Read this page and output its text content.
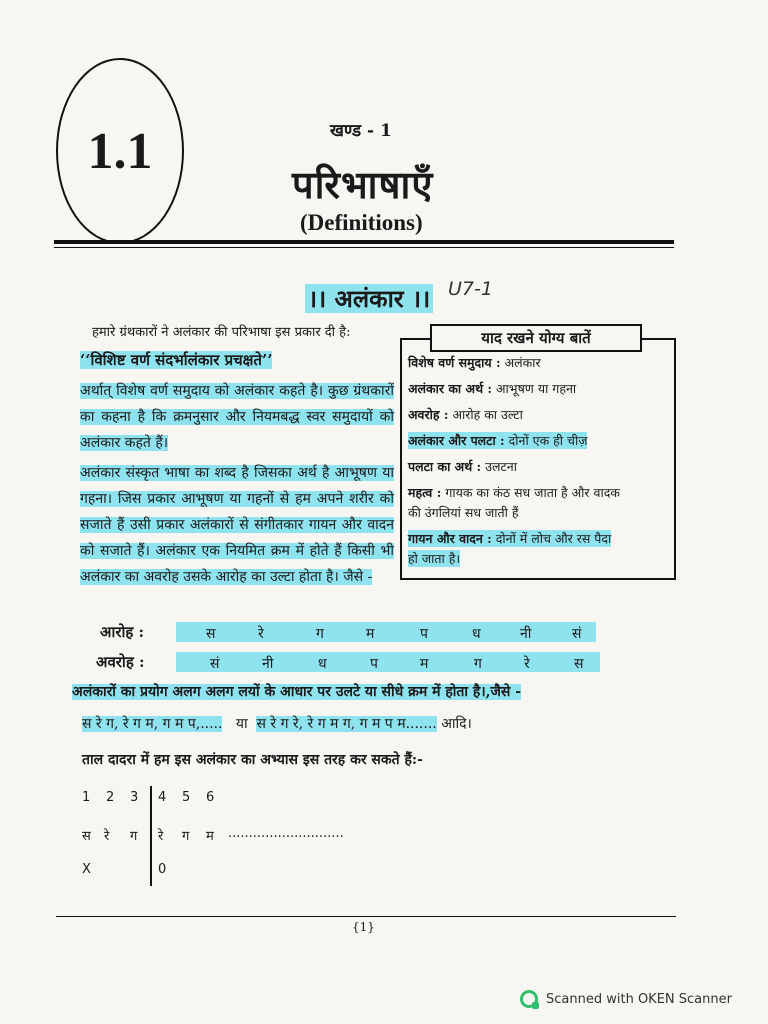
1.1	खण्ड - 1
परिभाषाएँ
(Definitions)
।। अलंकार ।। U7-1
हमारे ग्रंथकारों ने अलंकार की परिभाषा इस प्रकार दी है:
‘‘विशिष्ट वर्ण संदर्भालंकार प्रचक्षते’’
अर्थात् विशेष वर्ण समुदाय को अलंकार कहते है। कुछ ग्रंथकारों का कहना है कि क्रमनुसार और नियमबद्ध स्वर समुदायों को अलंकार कहते हैं।
अलंकार संस्कृत भाषा का शब्द है जिसका अर्थ है आभूषण या गहना। जिस प्रकार आभूषण या गहनों से हम अपने शरीर को सजाते हैं उसी प्रकार अलंकारों से संगीतकार गायन और वादन को सजाते हैं। अलंकार एक नियमित क्रम में होते हैं किसी भी अलंकार का अवरोह उसके आरोह का उल्टा होता है। जैसे -
विशेष वर्ण समुदाय : अलंकार
अलंकार का अर्थ : आभूषण या गहना
अवरोह : आरोह का उल्टा
अलंकार और पलटा : दोनों एक ही चीज़
पलटा का अर्थ : उलटना
महत्व : गायक का कंठ सध जाता है और वादक
की उंगलियां सध जाती हैं
गायन और वादन : दोनों में लोच और रस पैदा
हो जाता है।
याद रखने योग्य बातें
आरोह :	स	रे	ग	म	प	ध	नी	सं
अवरोह :	सं	नी	ध	प	म	ग	रे	स
अलंकारों का प्रयोग अलग अलग लयों के आधार पर उलटे या सीधे क्रम में होता है।,जैसे -
स रे ग, रे ग म, ग म प,..... या स रे ग रे, रे ग म ग, ग म प म....... आदि।
ताल दादरा में हम इस अलंकार का अभ्यास इस तरह कर सकते हैं:-
1 2 3 4 5 6
स रे ग रे ग म ............................
X	0
{1}
Scanned with OKEN Scanner
